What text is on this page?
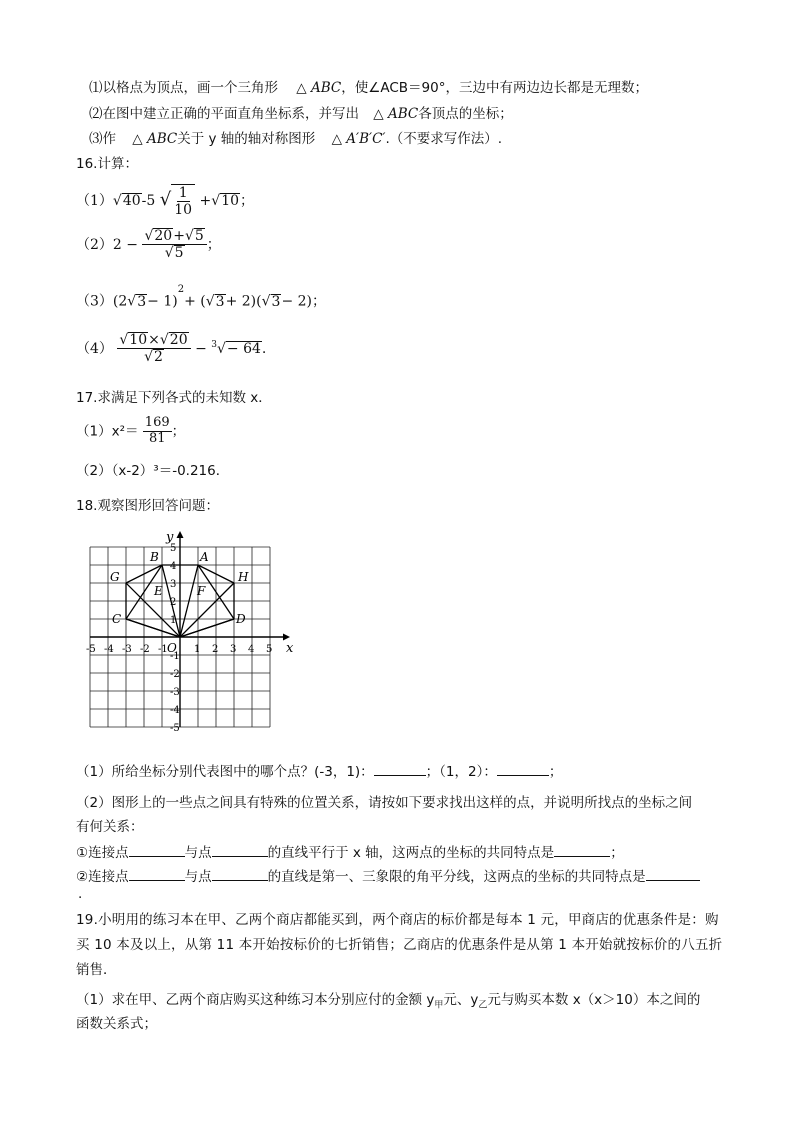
⑴以格点为顶点，画一个三角形 △ ABC，使∠ACB＝90°，三边中有两边边长都是无理数；
⑵在图中建立正确的平面直角坐标系，并写出 △ ABC各顶点的坐标；
⑶作 △ ABC关于 y 轴的轴对称图形 △ A′B′C′.（不要求写作法）.
16.计算：
（1）√40-5 √ $\frac{1}{10} +√10$；
$(2)2 - \frac{√20+√5}{√5}$ ；
$(3)(2√3- 1)^2+ (√3+ 2)(√3- 2)$；
$(4) \frac{√10\times√20}{√2} - ^3√- 64$.
17.求满足下列各式的未知数 x．
$(1)x^2= \frac{169}{81}$ ；
（2）（x-2）³＝-0.216．
18.观察图形回答问题：
A
B
G	H
E	F
C	D
-5 -4 -3 -2 -1	1 2 3 4 5
5
4
3
2
1
-1
-2
-3
-4
-5
O	x
y
（1）所给坐标分别代表图中的哪个点？(-3，1)：	；（1，2）：	；
（2）图形上的一些点之间具有特殊的位置关系，请按如下要求找出这样的点，并说明所找点的坐标之间
有何关系：
①连接点	与点	的直线平行于 x 轴，这两点的坐标的共同特点是	；
②连接点	与点	的直线是第一、三象限的角平分线，这两点的坐标的共同特点是
.
19.小明用的练习本在甲、乙两个商店都能买到，两个商店的标价都是每本 1 元，甲商店的优惠条件是：购
买 10 本及以上，从第 11 本开始按标价的七折销售；乙商店的优惠条件是从第 1 本开始就按标价的八五折
销售．
（1）求在甲、乙两个商店购买这种练习本分别应付的金额 $y_甲$元、$y_乙$元与购买本数 x（x＞10）本之间的
函数关系式；
